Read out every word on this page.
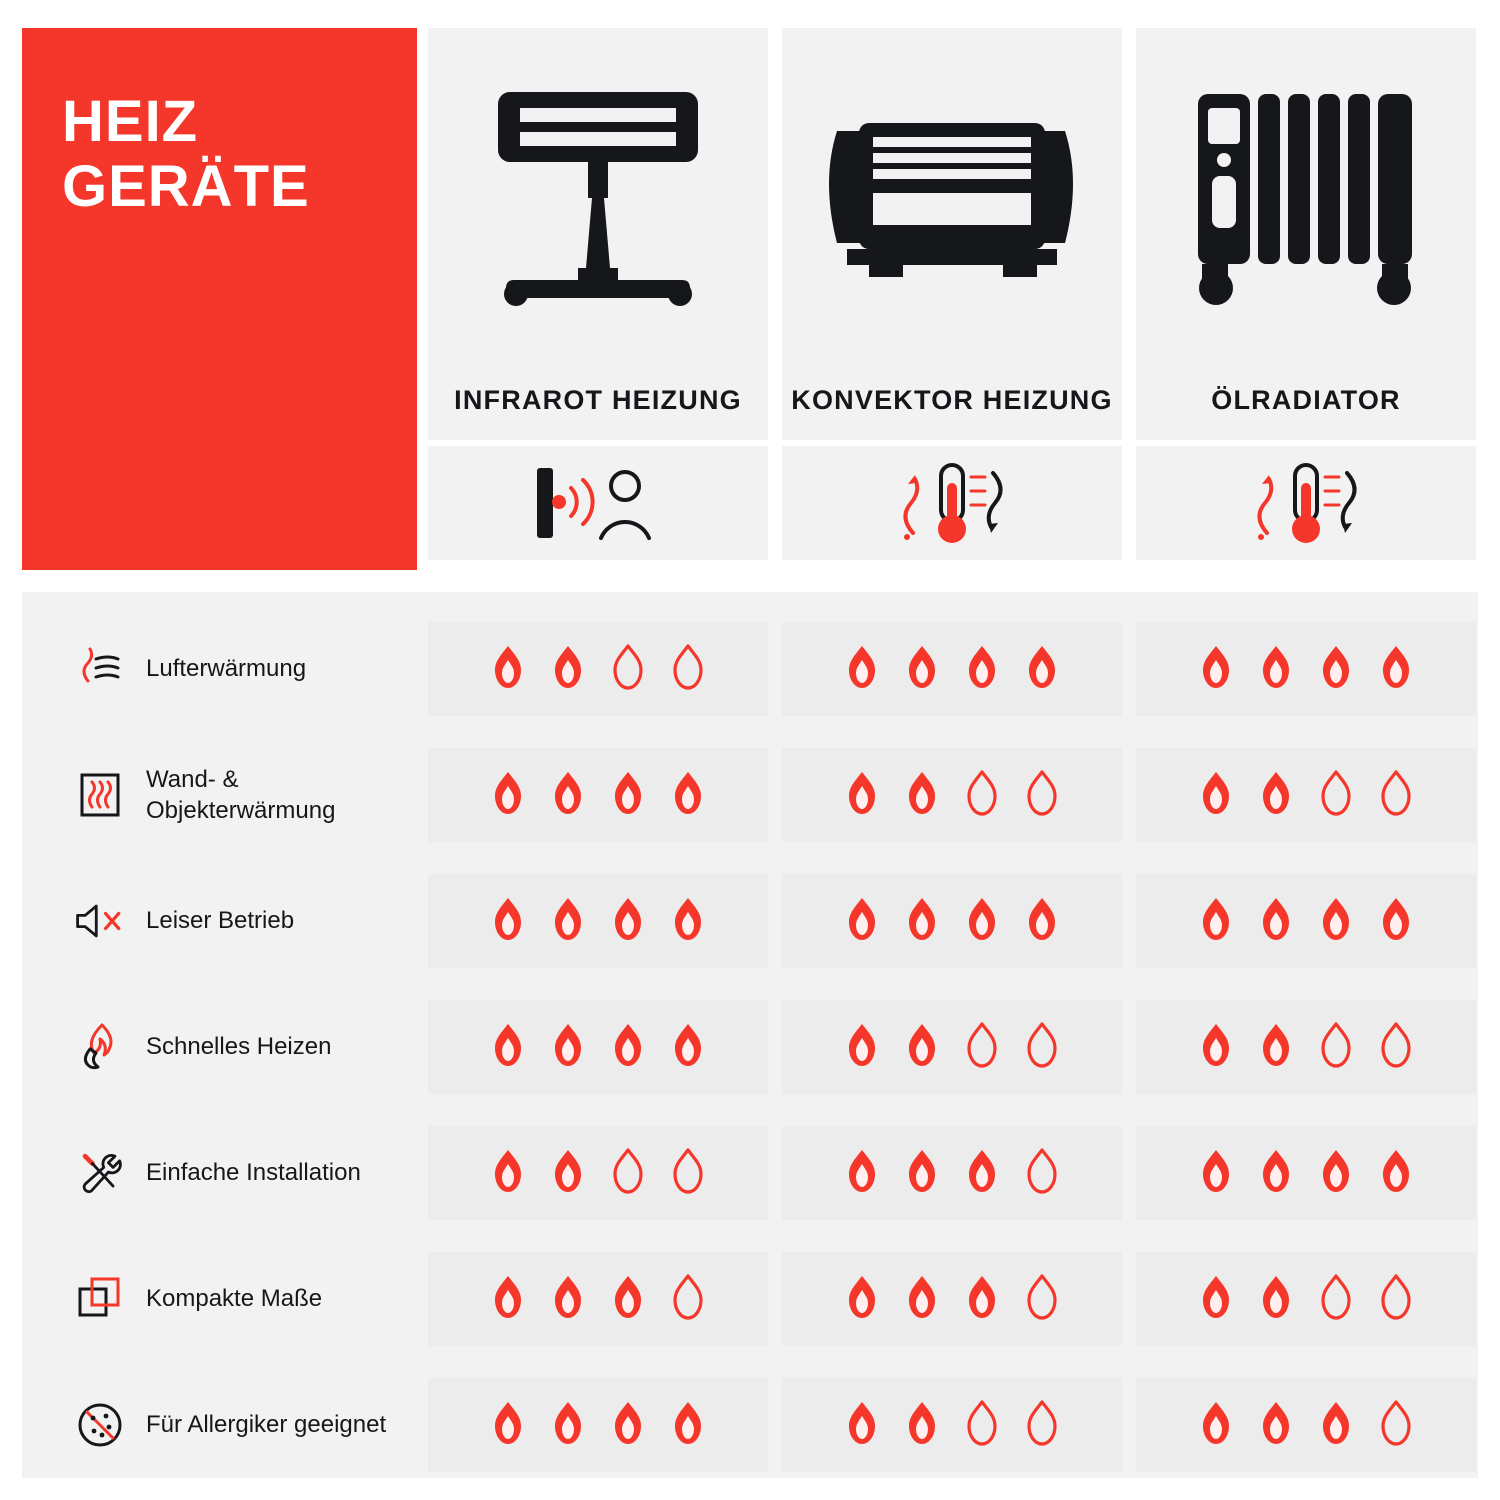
HEIZ GERÄTE
INFRAROT HEIZUNG	KONVEKTOR HEIZUNG	ÖLRADIATOR
Lufterwärmung
Wand- & Objekterwärmung
Leiser Betrieb
Schnelles Heizen
Einfache Installation
Kompakte Maße
Für Allergiker geeignet
